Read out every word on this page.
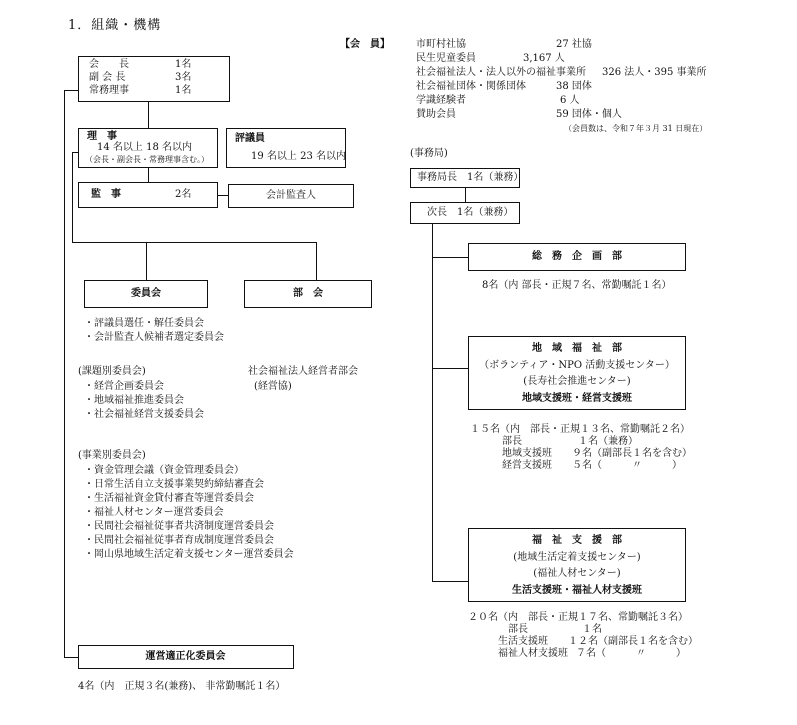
1．組織・機構
会　　長	1名
副 会 長	3名
常務理事	1名
理　事
14 名以上 18 名以内
（会長・副会長・常務理事含む。）
評議員
19 名以上 23 名以内
監　事	2名	会計監査人
委員会	部　会
・評議員選任・解任委員会
・会計監査人候補者選定委員会
(課題別委員会)
・経営企画委員会
・地域福祉推進委員会
・社会福祉経営支援委員会
社会福祉法人経営者部会
(経営協)
(事業別委員会)
・資金管理会議（資金管理委員会）
・日常生活自立支援事業契約締結審査会
・生活福祉資金貸付審査等運営委員会
・福祉人材センター運営委員会
・民間社会福祉従事者共済制度運営委員会
・民間社会福祉従事者育成制度運営委員会
・岡山県地域生活定着支援センター運営委員会
運営適正化委員会
4名（内　正規３名(兼務)、 非常勤嘱託１名）
【会　員】	市町村社協	27 社協
民生児童委員	3,167 人
社会福祉法人・法人以外の福祉事業所 326 法人・395 事業所
社会福祉団体・関係団体	38 団体
学識経験者	6 人
賛助会員	59 団体・個人
（会員数は、令和７年３月 31 日現在）
(事務局)
事務局長　1名（兼務）
次長　1名（兼務）
総　務　企　画　部
8名（内 部長・正規７名、常勤嘱託１名）
地　域　福　祉　部
（ボランティア・NPO 活動支援センター）
(長寿社会推進センター)
地域支援班・経営支援班
１５名（内　部長・正規１３名、常勤嘱託２名）
部長	１名（兼務）
地域支援班 ９名（副部長１名を含む）
経営支援班 ５名（　　　〃　　　）
福　祉　支　援　部
(地域生活定着支援センター)
(福祉人材センター)
生活支援班・福祉人材支援班
２０名（内　部長・正規１７名、常勤嘱託３名）
部長	１名
生活支援班 １２名（副部長１名を含む）
福祉人材支援班 ７名（　　　〃　　　）
